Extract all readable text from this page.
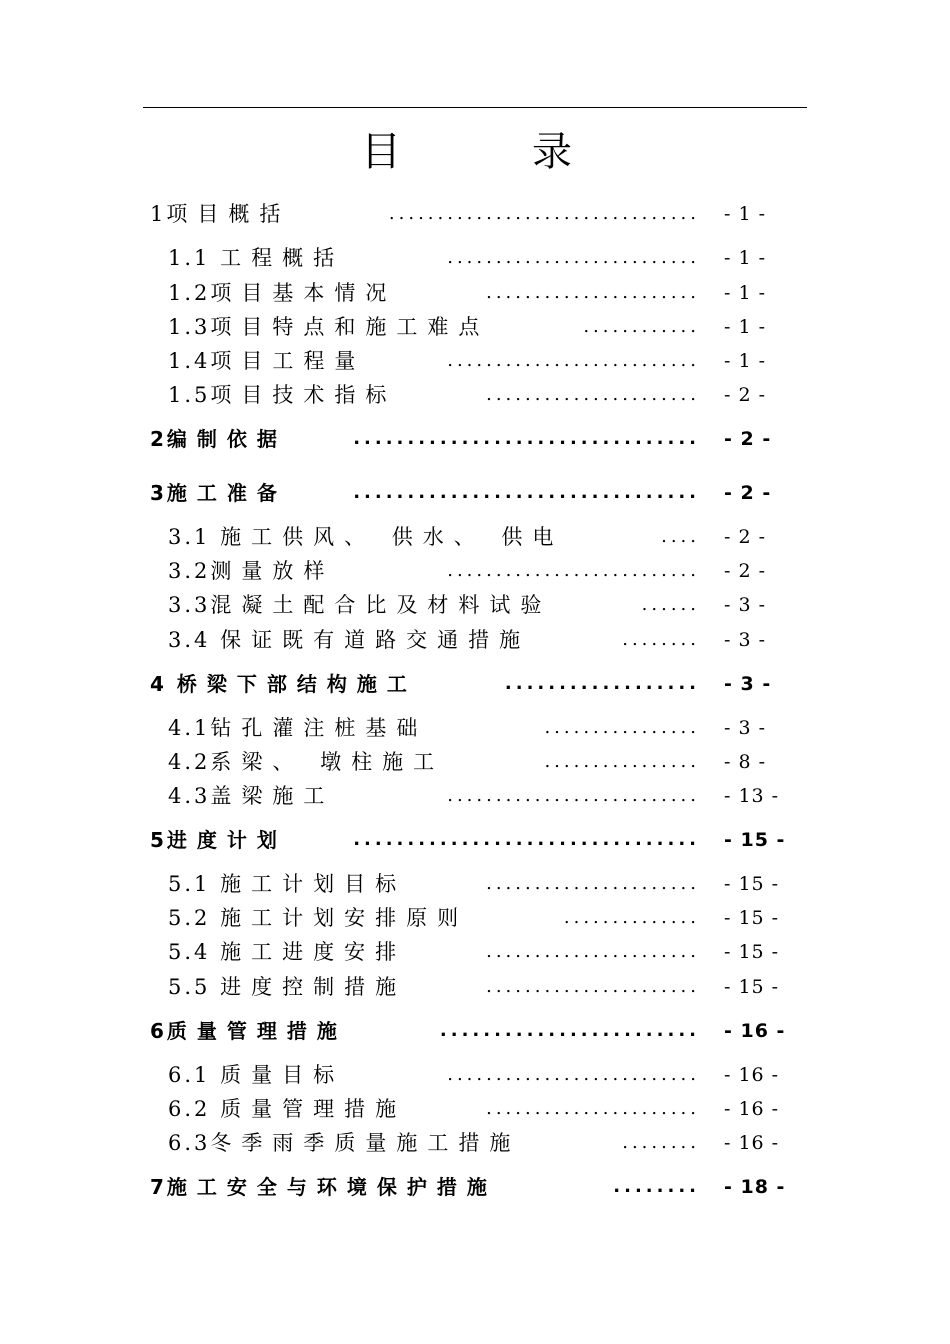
目	录
1项目概括	................................ - 1 -
1.1 工程概括	.......................... - 1 -
1.2项目基本情况	...................... - 1 -
1.3项目特点和施工难点	............ - 1 -
1.4项目工程量	.......................... - 1 -
1.5项目技术指标	...................... - 2 -
2编制依据	................................ - 2 -
3施工准备	................................ - 2 -
3.1 施工供风、 供水、 供电	.... - 2 -
3.2测量放样	.......................... - 2 -
3.3混凝土配合比及材料试验	...... - 3 -
3.4 保证既有道路交通措施	........ - 3 -
4 桥梁下部结构施工	.................. - 3 -
4.1钻孔灌注桩基础	................ - 3 -
4.2系梁、 墩柱施工	................ - 8 -
4.3盖梁施工	.......................... - 13 -
5进度计划	................................ - 15 -
5.1 施工计划目标	...................... - 15 -
5.2 施工计划安排原则	.............. - 15 -
5.4 施工进度安排	...................... - 15 -
5.5 进度控制措施	...................... - 15 -
6质量管理措施	........................ - 16 -
6.1 质量目标	.......................... - 16 -
6.2 质量管理措施	...................... - 16 -
6.3冬季雨季质量施工措施	........ - 16 -
7施工安全与环境保护措施	........ - 18 -
